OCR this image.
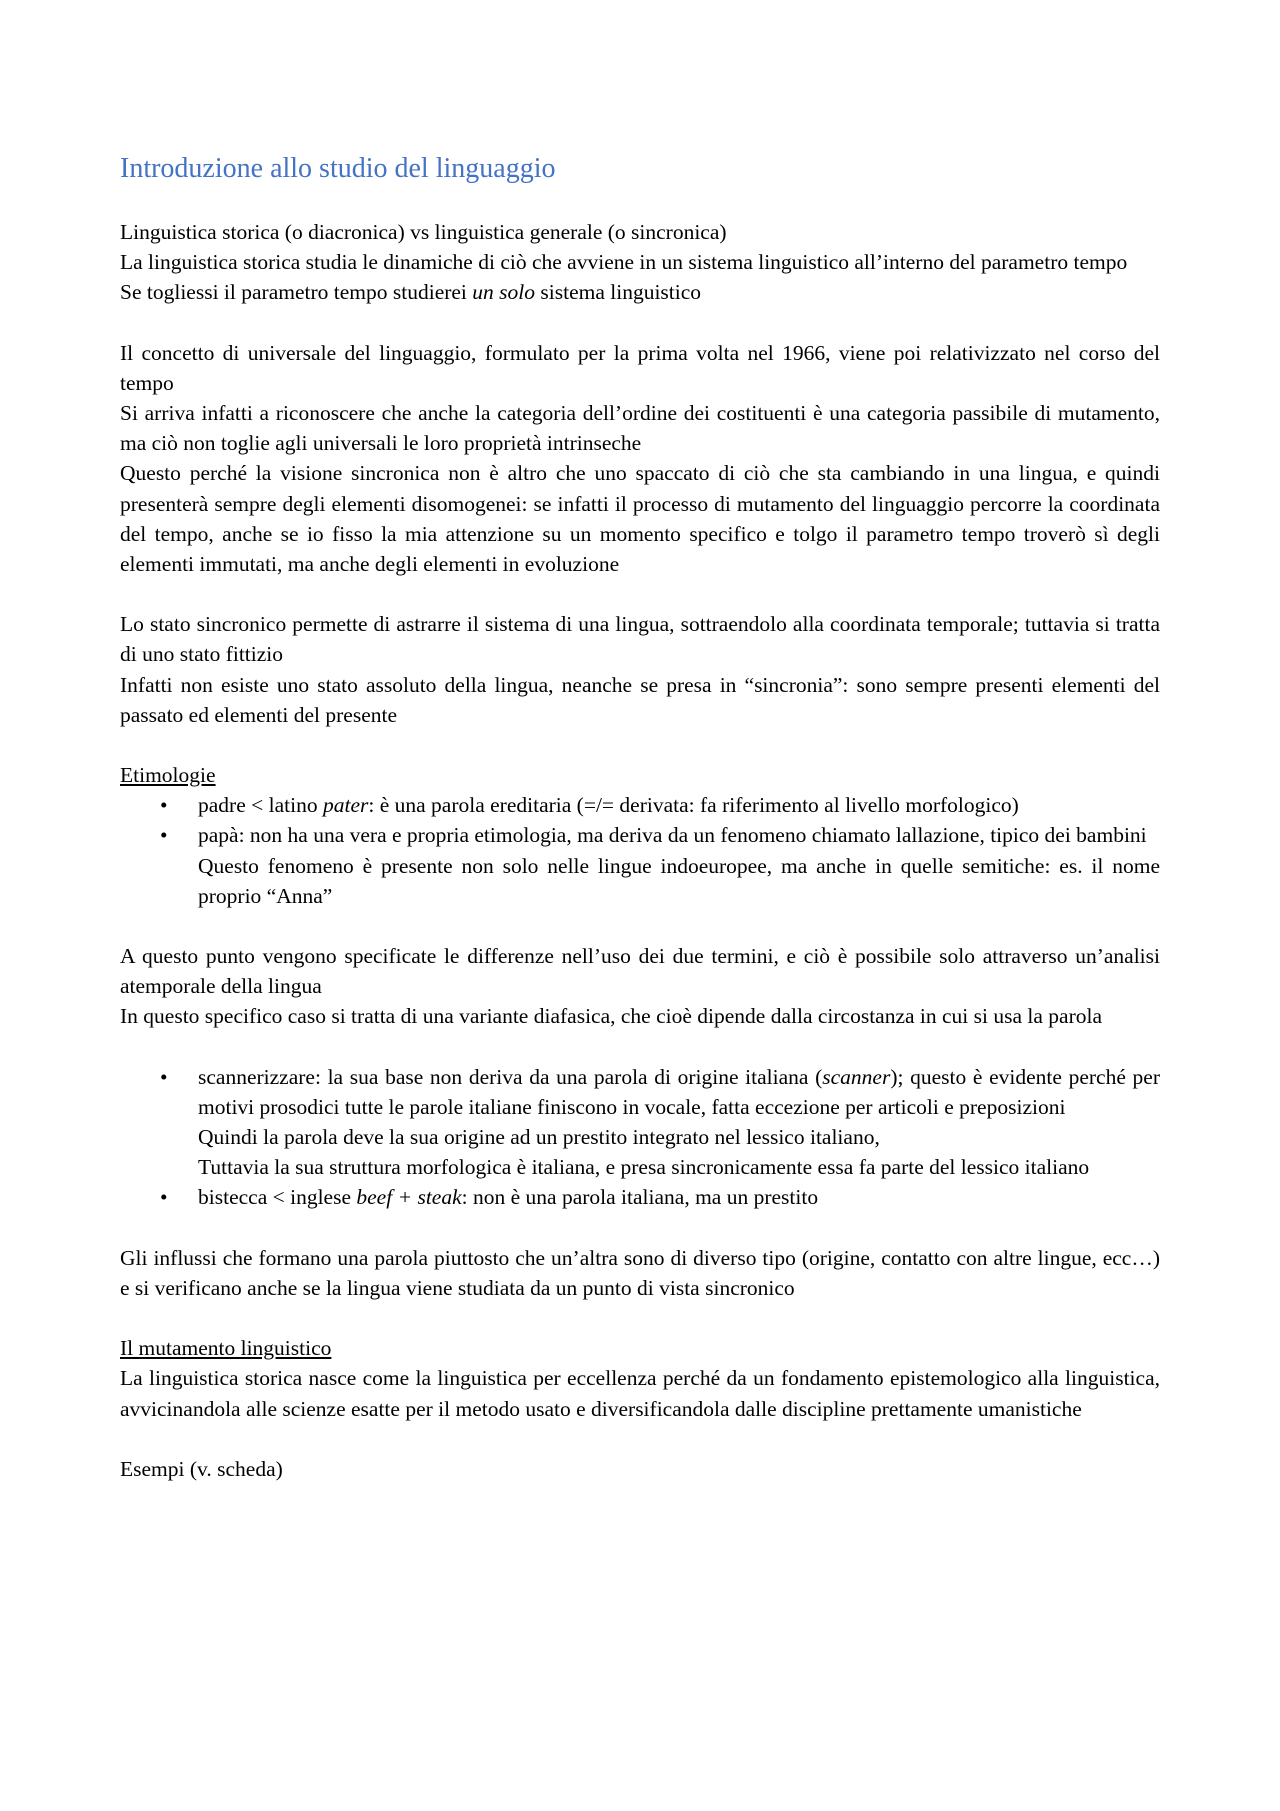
Introduzione allo studio del linguaggio

Linguistica storica (o diacronica) vs linguistica generale (o sincronica)

La linguistica storica studia le dinamiche di ciò che avviene in un sistema linguistico all’interno del parametro tempo

Se togliessi il parametro tempo studierei un solo sistema linguistico

Il concetto di universale del linguaggio, formulato per la prima volta nel 1966, viene poi relativizzato nel corso del tempo

Si arriva infatti a riconoscere che anche la categoria dell’ordine dei costituenti è una categoria passibile di mutamento, ma ciò non toglie agli universali le loro proprietà intrinseche

Questo perché la visione sincronica non è altro che uno spaccato di ciò che sta cambiando in una lingua, e quindi presenterà sempre degli elementi disomogenei: se infatti il processo di mutamento del linguaggio percorre la coordinata del tempo, anche se io fisso la mia attenzione su un momento specifico e tolgo il parametro tempo troverò sì degli elementi immutati, ma anche degli elementi in evoluzione

Lo stato sincronico permette di astrarre il sistema di una lingua, sottraendolo alla coordinata temporale; tuttavia si tratta di uno stato fittizio

Infatti non esiste uno stato assoluto della lingua, neanche se presa in “sincronia”: sono sempre presenti elementi del passato ed elementi del presente

Etimologie

•	padre < latino pater: è una parola ereditaria (=/= derivata: fa riferimento al livello morfologico)
•	papà: non ha una vera e propria etimologia, ma deriva da un fenomeno chiamato lallazione, tipico dei bambini

Questo fenomeno è presente non solo nelle lingue indoeuropee, ma anche in quelle semitiche: es. il nome proprio “Anna”

A questo punto vengono specificate le differenze nell’uso dei due termini, e ciò è possibile solo attraverso un’analisi atemporale della lingua

In questo specifico caso si tratta di una variante diafasica, che cioè dipende dalla circostanza in cui si usa la parola

•	scannerizzare: la sua base non deriva da una parola di origine italiana (scanner); questo è evidente perché per motivi prosodici tutte le parole italiane finiscono in vocale, fatta eccezione per articoli e preposizioni

Quindi la parola deve la sua origine ad un prestito integrato nel lessico italiano,

Tuttavia la sua struttura morfologica è italiana, e presa sincronicamente essa fa parte del lessico italiano

•	bistecca < inglese beef + steak: non è una parola italiana, ma un prestito

Gli influssi che formano una parola piuttosto che un’altra sono di diverso tipo (origine, contatto con altre lingue, ecc…) e si verificano anche se la lingua viene studiata da un punto di vista sincronico

Il mutamento linguistico

La linguistica storica nasce come la linguistica per eccellenza perché da un fondamento epistemologico alla linguistica, avvicinandola alle scienze esatte per il metodo usato e diversificandola dalle discipline prettamente umanistiche

Esempi (v. scheda)
